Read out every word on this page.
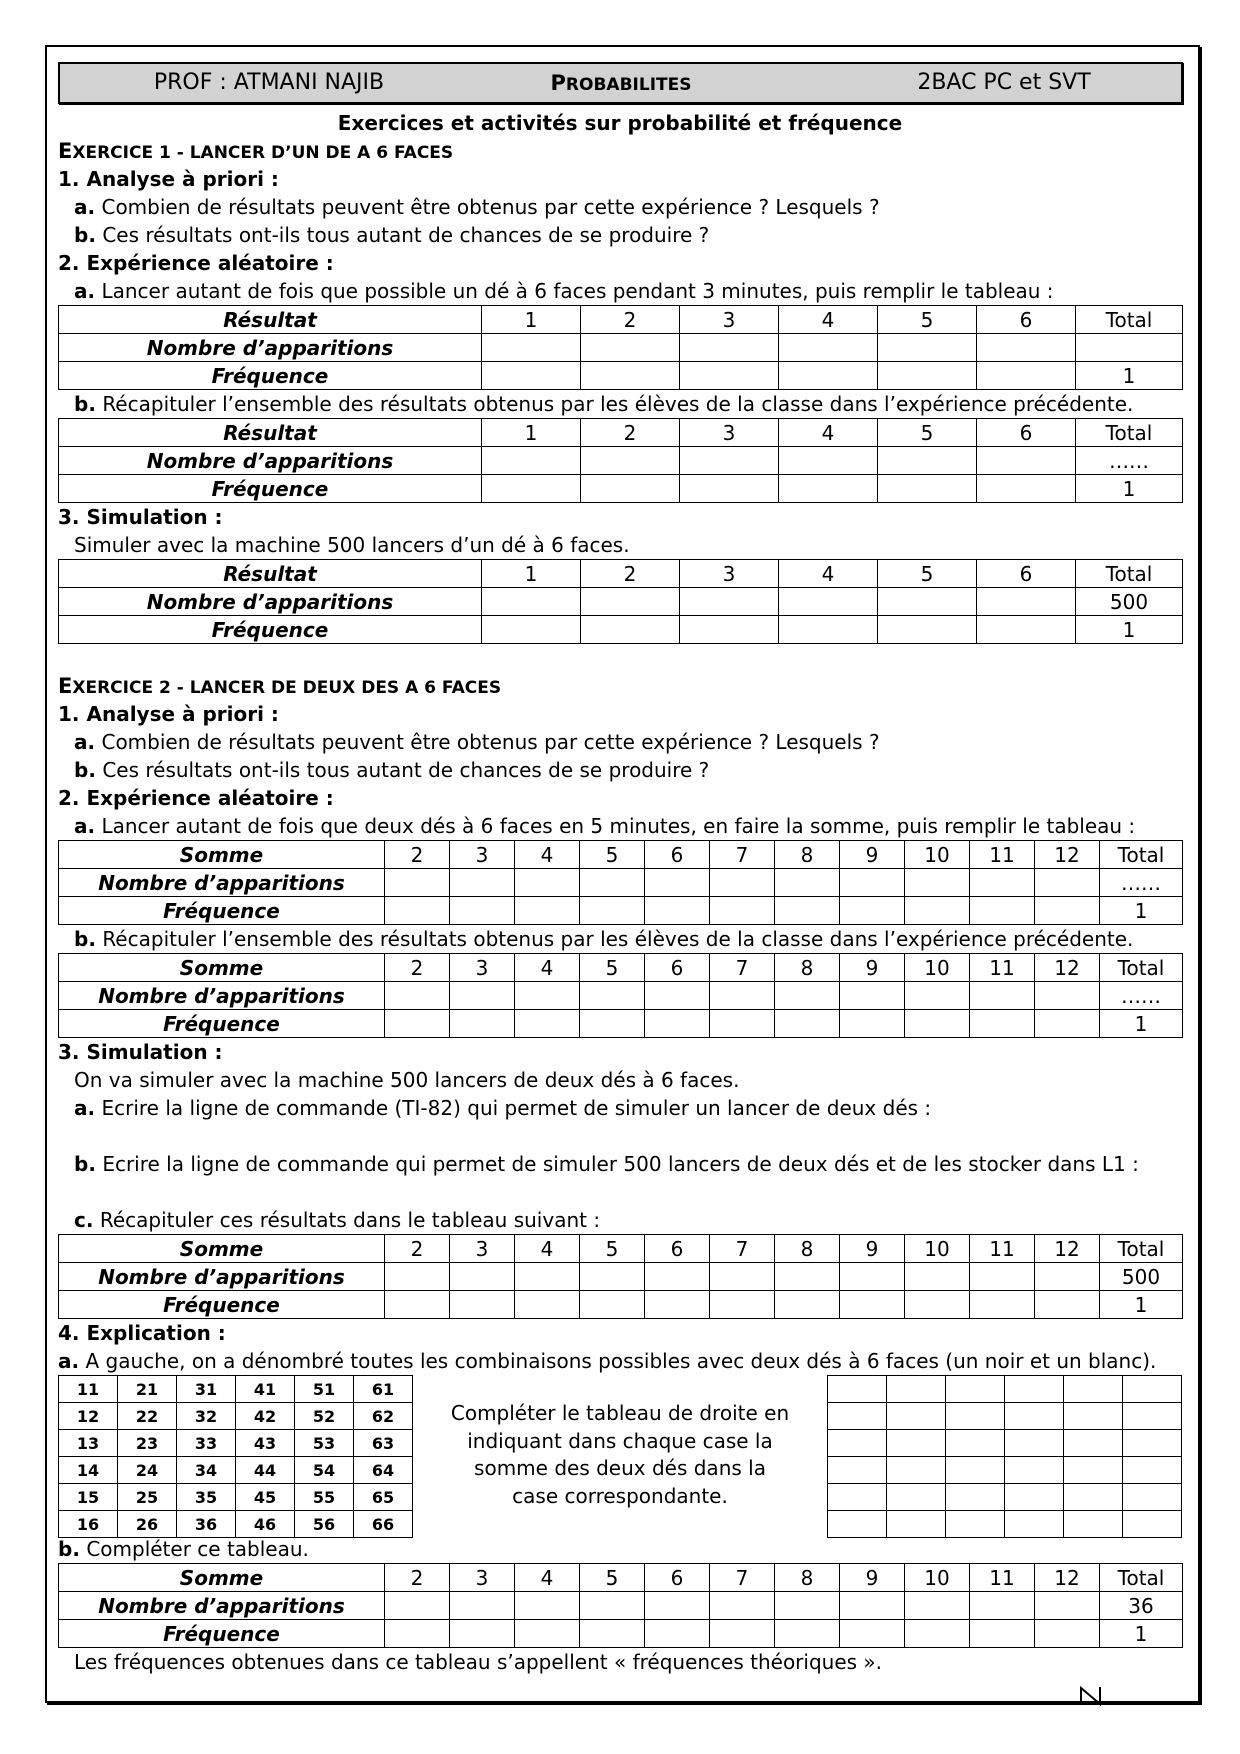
PROF : ATMANI NAJIB	PROBABILITES	2BAC PC et SVT
Exercices et activités sur probabilité et fréquence
EXERCICE 1 - LANCER D’UN DE A 6 FACES
1. Analyse à priori :
a. Combien de résultats peuvent être obtenus par cette expérience ? Lesquels ?
b. Ces résultats ont-ils tous autant de chances de se produire ?
2. Expérience aléatoire :
a. Lancer autant de fois que possible un dé à 6 faces pendant 3 minutes, puis remplir le tableau :
Résultat	1	2	3	4	5	6	Total
Nombre d’apparitions							
Fréquence							1
b. Récapituler l’ensemble des résultats obtenus par les élèves de la classe dans l’expérience précédente.
Résultat	1	2	3	4	5	6	Total
Nombre d’apparitions							……
Fréquence							1
3. Simulation :
Simuler avec la machine 500 lancers d’un dé à 6 faces.
Résultat	1	2	3	4	5	6	Total
Nombre d’apparitions							500
Fréquence							1
EXERCICE 2 - LANCER DE DEUX DES A 6 FACES
1. Analyse à priori :
a. Combien de résultats peuvent être obtenus par cette expérience ? Lesquels ?
b. Ces résultats ont-ils tous autant de chances de se produire ?
2. Expérience aléatoire :
a. Lancer autant de fois que deux dés à 6 faces en 5 minutes, en faire la somme, puis remplir le tableau :
Somme	2	3	4	5	6	7	8	9	10	11	12	Total
Nombre d’apparitions												……
Fréquence												1
b. Récapituler l’ensemble des résultats obtenus par les élèves de la classe dans l’expérience précédente.
Somme	2	3	4	5	6	7	8	9	10	11	12	Total
Nombre d’apparitions												……
Fréquence												1
3. Simulation :
On va simuler avec la machine 500 lancers de deux dés à 6 faces.
a. Ecrire la ligne de commande (TI-82) qui permet de simuler un lancer de deux dés :
b. Ecrire la ligne de commande qui permet de simuler 500 lancers de deux dés et de les stocker dans L1 :
c. Récapituler ces résultats dans le tableau suivant :
Somme	2	3	4	5	6	7	8	9	10	11	12	Total
Nombre d’apparitions												500
Fréquence												1
4. Explication :
a. A gauche, on a dénombré toutes les combinaisons possibles avec deux dés à 6 faces (un noir et un blanc).
11	21	31	41	51	61
12	22	32	42	52	62
13	23	33	43	53	63
14	24	34	44	54	64
15	25	35	45	55	65
16	26	36	46	56	66
Compléter le tableau de droite en
indiquant dans chaque case la
somme des deux dés dans la
case correspondante.

b. Compléter ce tableau.
Somme	2	3	4	5	6	7	8	9	10	11	12	Total
Nombre d’apparitions												36
Fréquence												1
Les fréquences obtenues dans ce tableau s’appellent « fréquences théoriques ».
